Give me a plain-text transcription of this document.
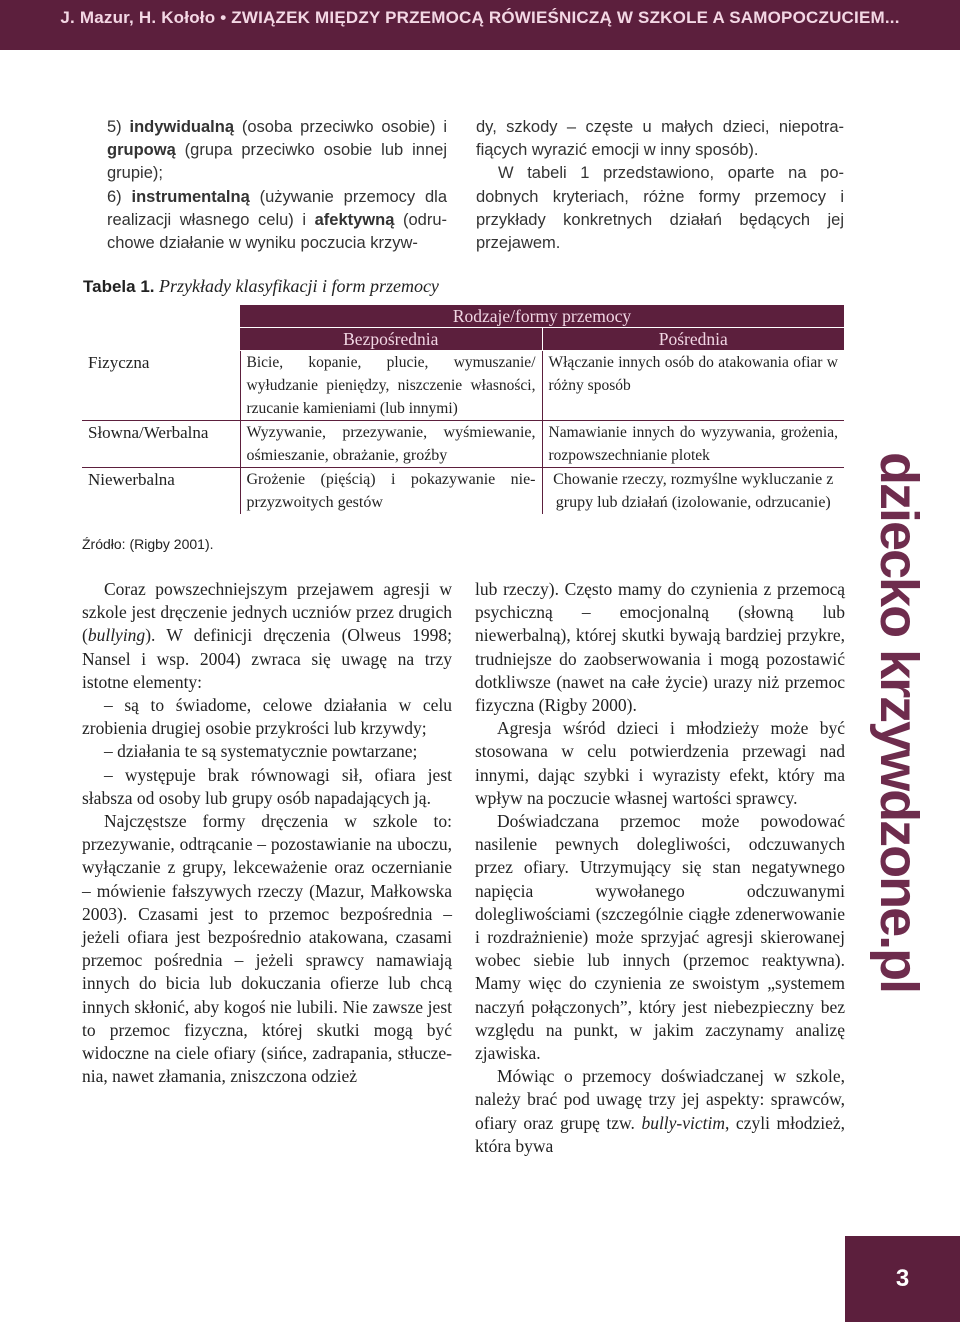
J. Mazur, H. Kołoło • ZWIĄZEK MIĘDZY PRZEMOCĄ RÓWIEŚNICZĄ W SZKOLE A SAMOPOCZUCIEM...

5) indywidualną (osoba przeciwko osobie) i grupową (grupa przeciwko osobie lub innej grupie);

6) instrumentalną (używanie przemocy dla realizacji własnego celu) i afektywną (odruchowe działanie w wyniku poczucia krzyw-

dy, szkody – częste u małych dzieci, niepotrafiących wyrazić emocji w inny sposób).

W tabeli 1 przedstawiono, oparte na podobnych kryteriach, różne formy przemocy i przykłady konkretnych działań będących jej przejawem.

Tabela 1. Przykłady klasyfikacji i form przemocy
	Rodzaje/formy przemocy	
	Bezpośrednia	Pośrednia
Fizyczna	Bicie, kopanie, plucie, wymuszanie/ wyłudzanie pieniędzy, niszczenie własności, rzucanie kamieniami (lub innymi)	Włączanie innych osób do atakowania ofiar w różny sposób
Słowna/Werbalna	Wyzywanie, przezywanie, wyśmiewanie, ośmieszanie, obrażanie, groźby	Namawianie innych do wyzywania, grożenia, rozpowszechnianie plotek
Niewerbalna	Grożenie (pięścią) i pokazywanie nieprzyzwoitych gestów	Chowanie rzeczy, rozmyślne wykluczanie z grupy lub działań (izolowanie, odrzucanie)
Źródło: (Rigby 2001).

Coraz powszechniejszym przejawem agresji w szkole jest dręczenie jednych uczniów przez drugich (bullying). W definicji dręczenia (Olweus 1998; Nansel i wsp. 2004) zwraca się uwagę na trzy istotne elementy:

– są to świadome, celowe działania w celu zrobienia drugiej osobie przykrości lub krzywdy;

– działania te są systematycznie powtarzane;

– występuje brak równowagi sił, ofiara jest słabsza od osoby lub grupy osób napadających ją.

Najczęstsze formy dręczenia w szkole to: przezywanie, odtrącanie – pozostawianie na uboczu, wyłączanie z grupy, lekceważenie oraz oczernianie – mówienie fałszywych rzeczy (Mazur, Małkowska 2003). Czasami jest to przemoc bezpośrednia – jeżeli ofiara jest bezpośrednio atakowana, czasami przemoc pośrednia – jeżeli sprawcy namawiają innych do bicia lub dokuczania ofierze lub chcą innych skłonić, aby kogoś nie lubili. Nie zawsze jest to przemoc fizyczna, której skutki mogą być widoczne na ciele ofiary (sińce, zadrapania, stłuczenia, nawet złamania, zniszczona odzież

lub rzeczy). Często mamy do czynienia z przemocą psychiczną – emocjonalną (słowną lub niewerbalną), której skutki bywają bardziej przykre, trudniejsze do zaobserwowania i mogą pozostawić dotkliwsze (nawet na całe życie) urazy niż przemoc fizyczna (Rigby 2000).

Agresja wśród dzieci i młodzieży może być stosowana w celu potwierdzenia przewagi nad innymi, dając szybki i wyrazisty efekt, który ma wpływ na poczucie własnej wartości sprawcy.

Doświadczana przemoc może powodować nasilenie pewnych dolegliwości, odczuwanych przez ofiary. Utrzymujący się stan negatywnego napięcia wywołanego odczuwanymi dolegliwościami (szczególnie ciągłe zdenerwowanie i rozdrażnienie) może sprzyjać agresji skierowanej wobec siebie lub innych (przemoc reaktywna). Mamy więc do czynienia ze swoistym „systemem naczyń połączonych”, który jest niebezpieczny bez względu na punkt, w jakim zaczynamy analizę zjawiska.

Mówiąc o przemocy doświadczanej w szkole, należy brać pod uwagę trzy jej aspekty: sprawców, ofiary oraz grupę tzw. bully-victim, czyli młodzież, która bywa

dziecko krzywdzone.pl
3
